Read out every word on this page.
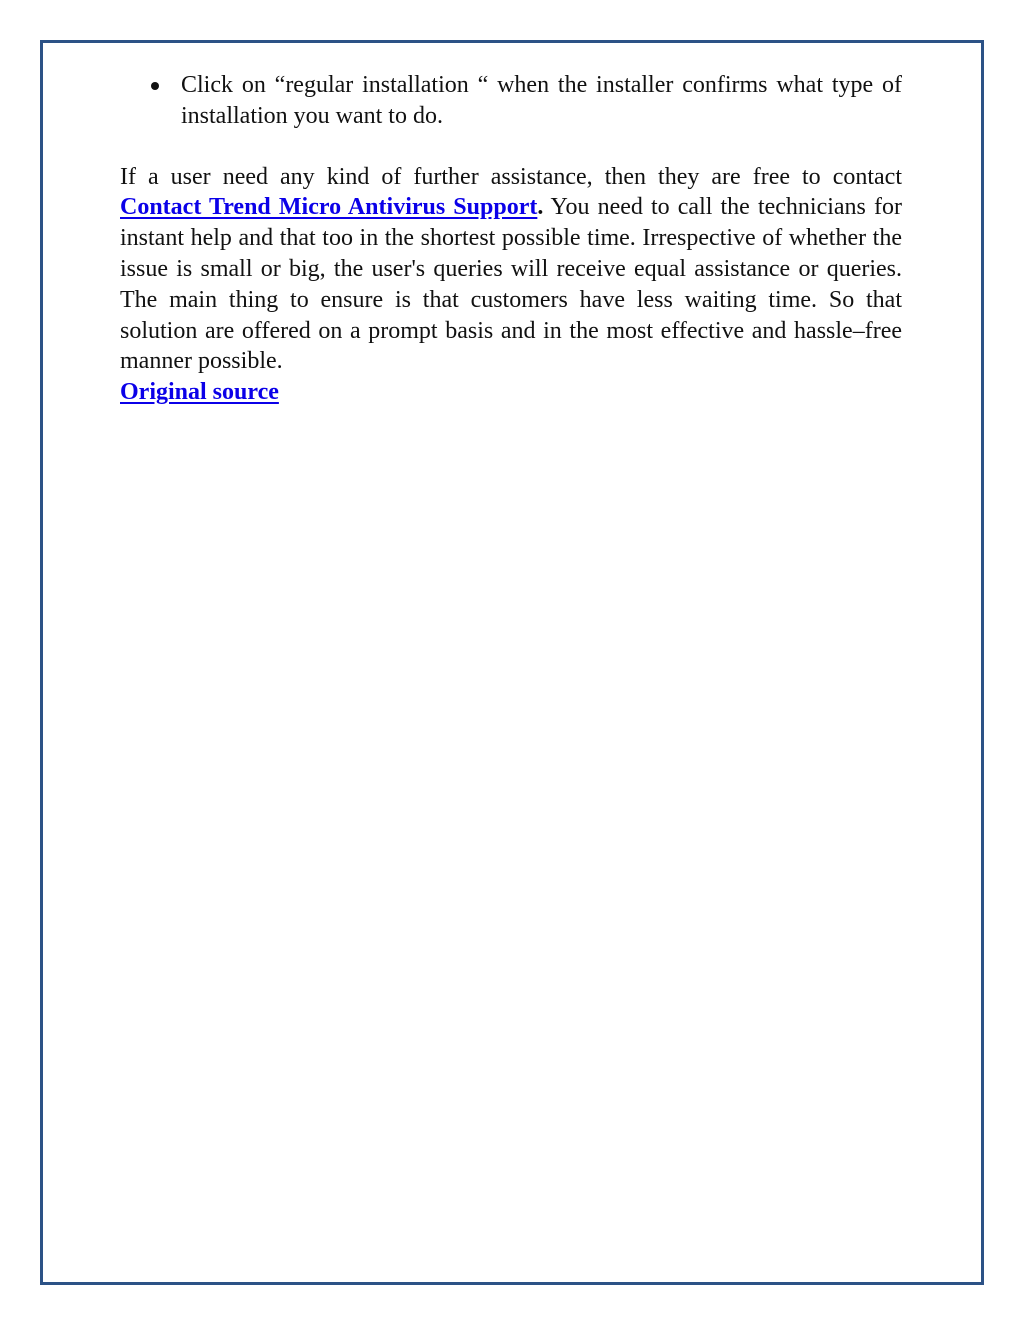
Click on “regular installation “ when the installer confirms what type of installation you want to do.

If a user need any kind of further assistance, then they are free to contact Contact Trend Micro Antivirus Support. You need to call the technicians for instant help and that too in the shortest possible time. Irrespective of whether the issue is small or big, the user's queries will receive equal assistance or queries. The main thing to ensure is that customers have less waiting time. So that solution are offered on a prompt basis and in the most effective and hassle–free manner possible.
Original source
